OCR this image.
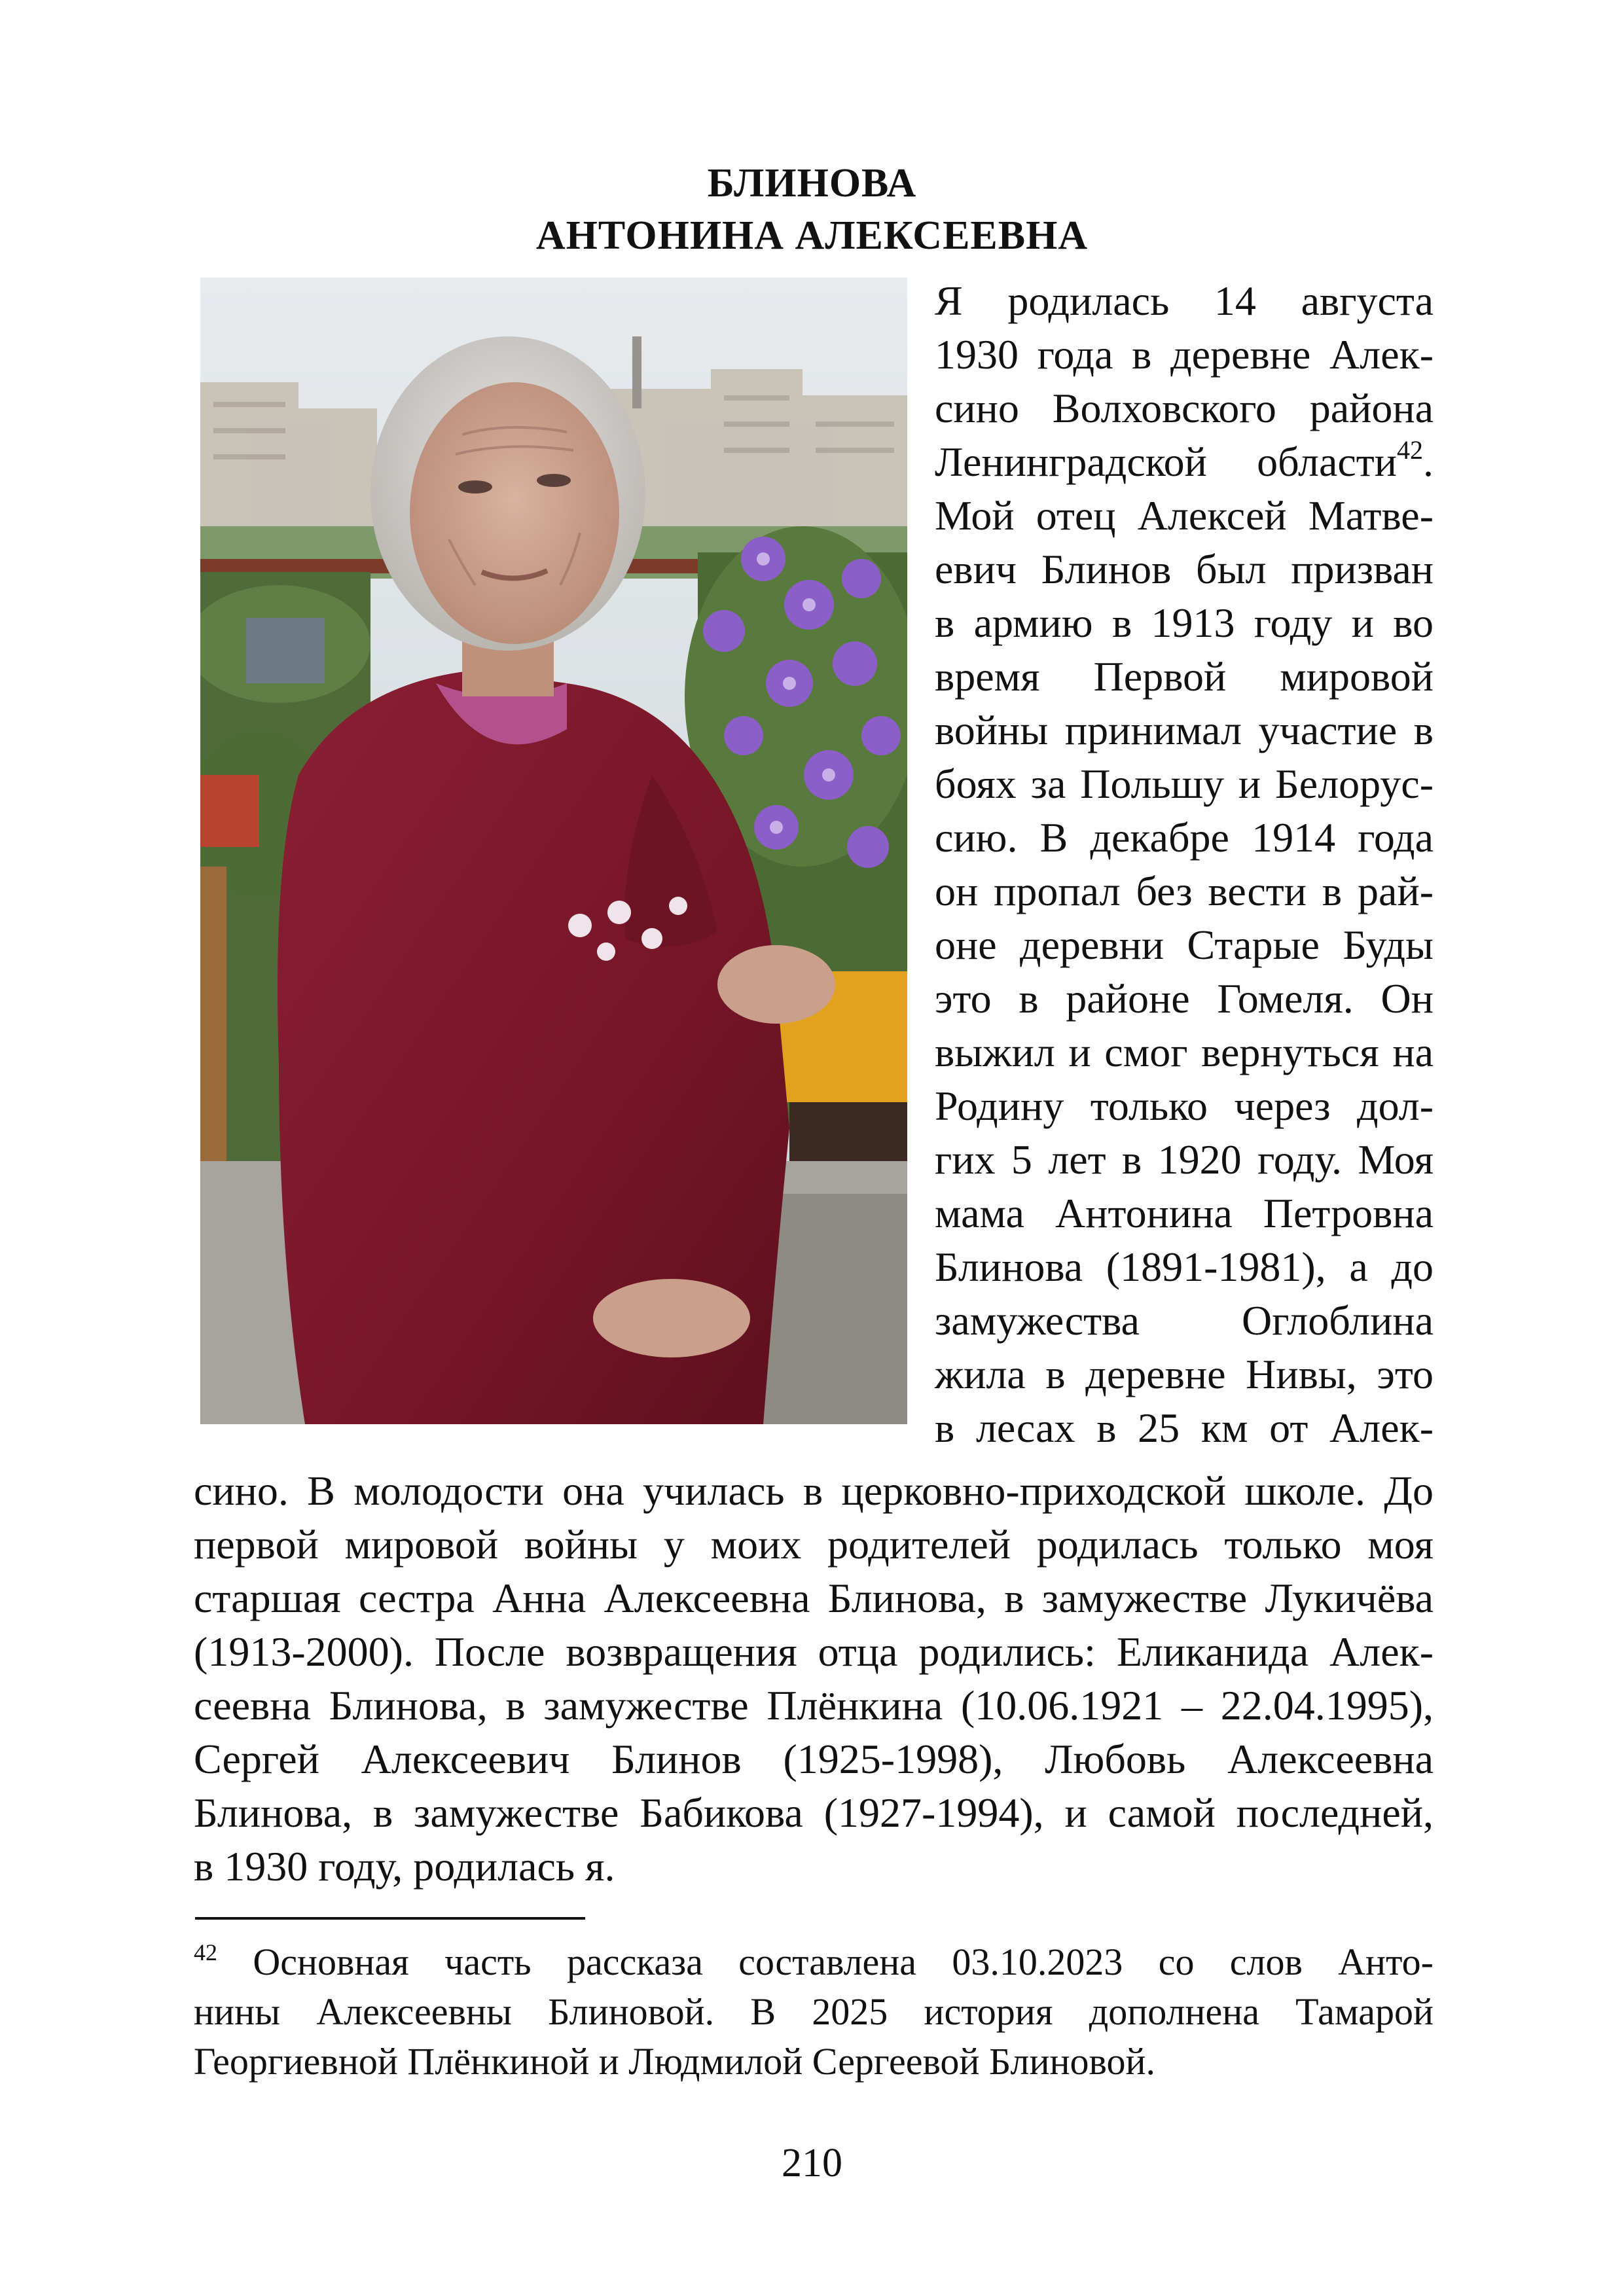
БЛИНОВА
АНТОНИНА АЛЕКСЕЕВНА
Я родилась 14 августа
1930 года в деревне Алек-
сино Волховского района
Ленинградской области$^{42}$.
Мой отец Алексей Матве-
евич Блинов был призван
в армию в 1913 году и во
время Первой мировой
войны принимал участие в
боях за Польшу и Белорус-
сию. В декабре 1914 года
он пропал без вести в рай-
оне деревни Старые Буды
это в районе Гомеля. Он
выжил и смог вернуться на
Родину только через дол-
гих 5 лет в 1920 году. Моя
мама Антонина Петровна
Блинова (1891-1981), а до
замужества Оглоблина
жила в деревне Нивы, это
в лесах в 25 км от Алек-
сино. В молодости она училась в церковно-приходской школе. До
первой мировой войны у моих родителей родилась только моя
старшая сестра Анна Алексеевна Блинова, в замужестве Лукичёва
(1913-2000). После возвращения отца родились: Еликанида Алек-
сеевна Блинова, в замужестве Плёнкина (10.06.1921 – 22.04.1995),
Сергей Алексеевич Блинов (1925-1998), Любовь Алексеевна
Блинова, в замужестве Бабикова (1927-1994), и самой последней,
в 1930 году, родилась я.
$^{42}$ Основная часть рассказа составлена 03.10.2023 со слов Анто-
нины Алексеевны Блиновой. В 2025 история дополнена Тамарой
Георгиевной Плёнкиной и Людмилой Сергеевой Блиновой.
210
